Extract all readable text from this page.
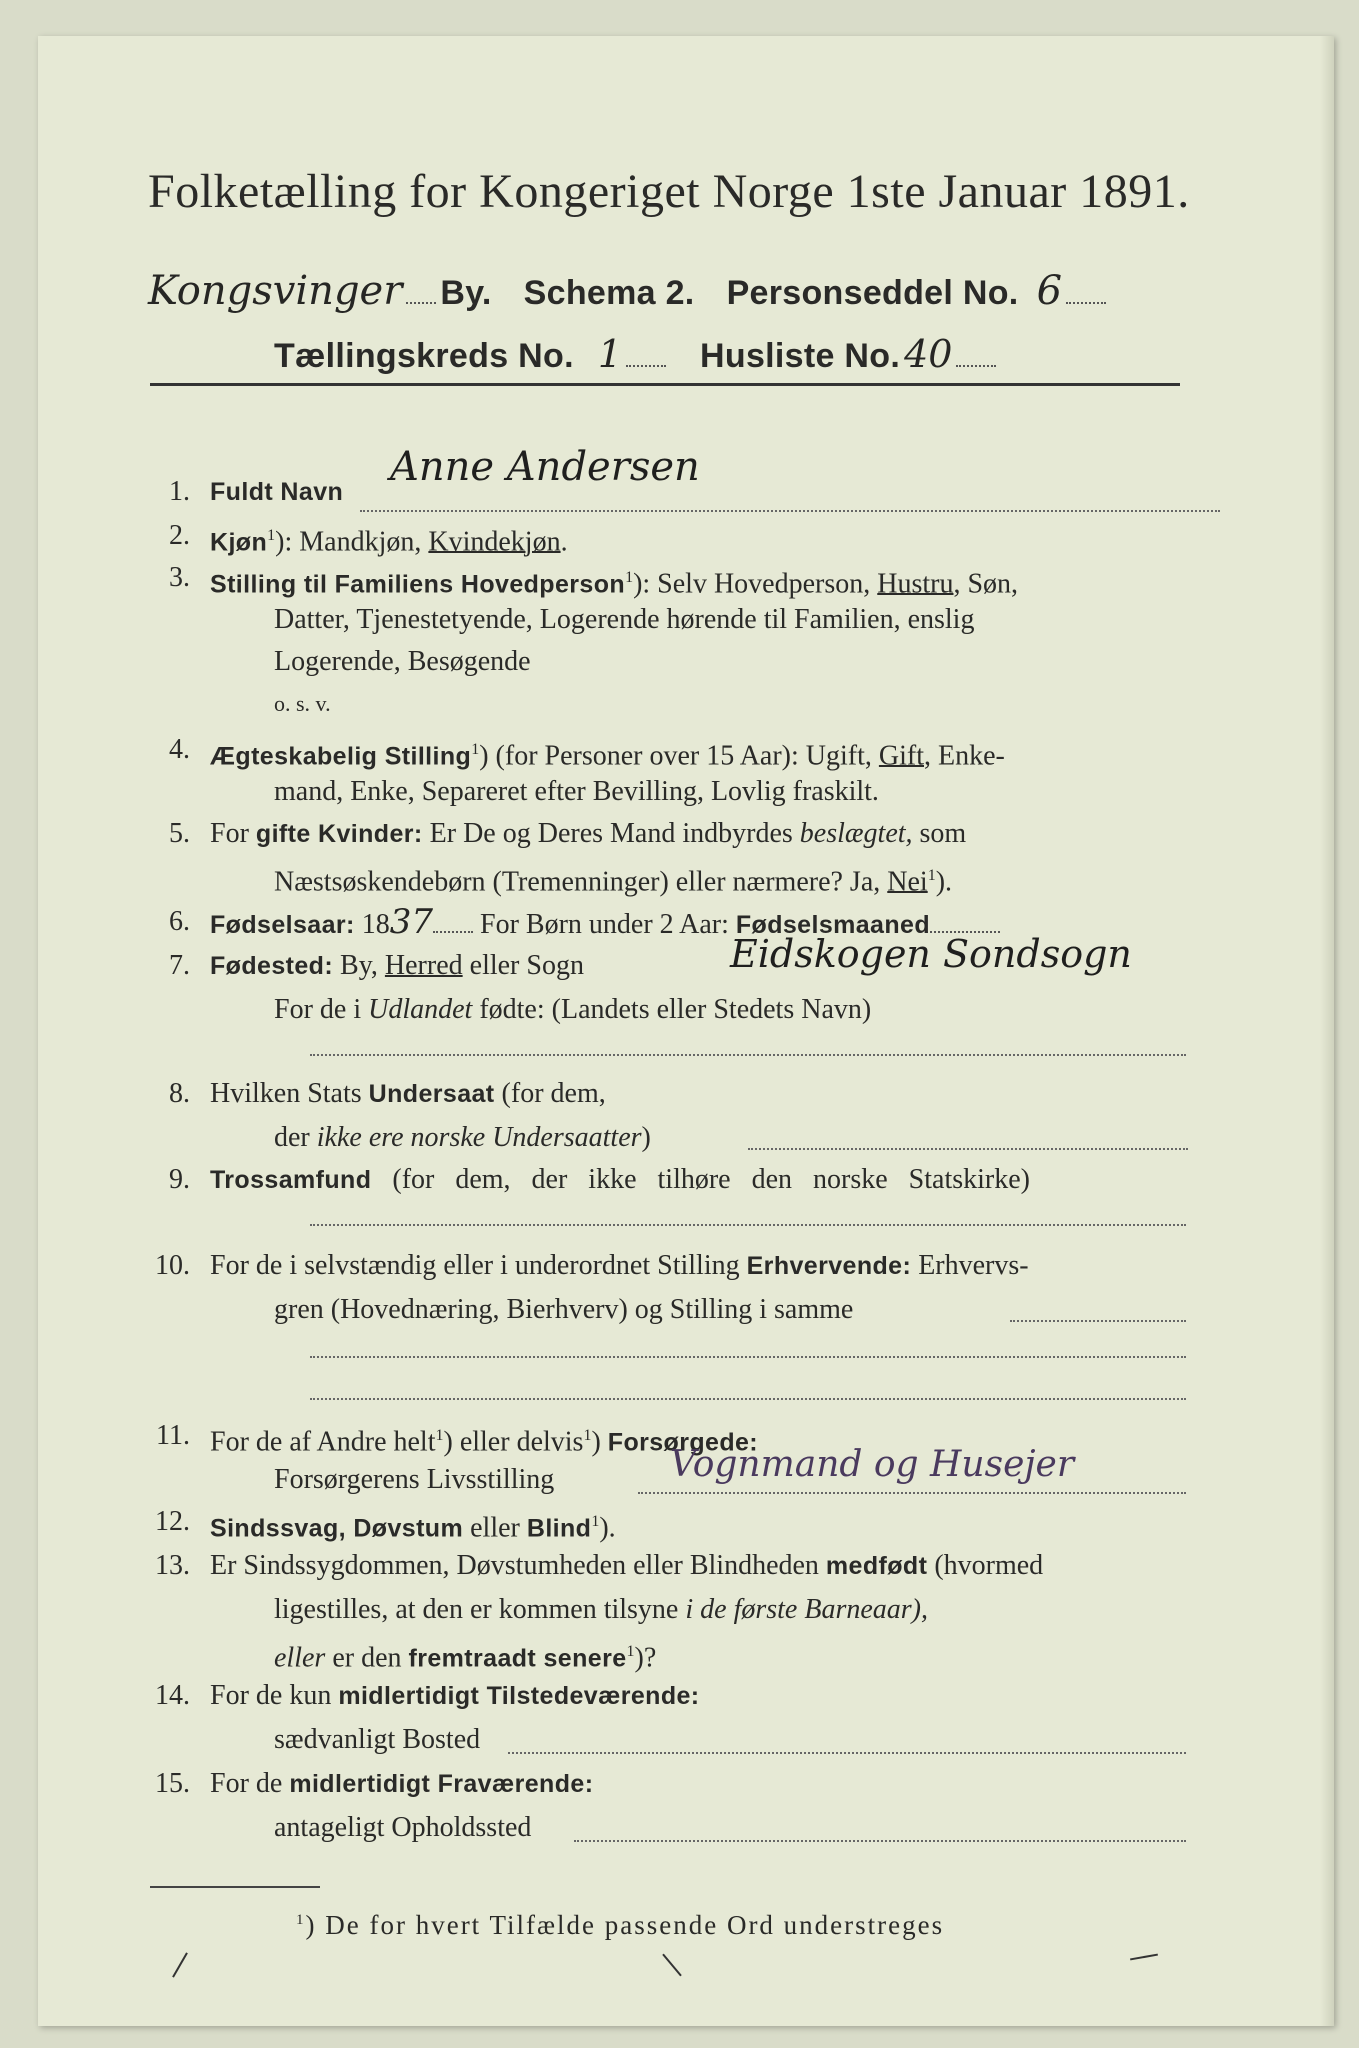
Folketælling for Kongeriget Norge 1ste Januar 1891.
Kongsvinger By. Schema 2. Personseddel No. 6
Tællingskreds No. 1 Husliste No. 40
1. Fuldt Navn
Anne Andersen
2. Kjøn$^1$): Mandkjøn, Kvindekjøn.
3. Stilling til Familiens Hovedperson$^1$): Selv Hovedperson, Hustru, Søn,
Datter, Tjenestetyende, Logerende hørende til Familien, enslig
Logerende, Besøgende
o. s. v.
4. Ægteskabelig Stilling$^1$) (for Personer over 15 Aar): Ugift, Gift, Enke-
mand, Enke, Separeret efter Bevilling, Lovlig fraskilt.
5. For gifte Kvinder: Er De og Deres Mand indbyrdes beslægtet, som
Næstsøskendebørn (Tremenninger) eller nærmere? Ja, Nei$^1$).
6. Fødselsaar: 1837 For Børn under 2 Aar: Fødselsmaaned
7. Fødested: By, Herred eller Sogn	Eidskogen Sondsogn
For de i Udlandet fødte: (Landets eller Stedets Navn)
8. Hvilken Stats Undersaat (for dem,
der ikke ere norske Undersaatter)
9. Trossamfund (for dem, der ikke tilhøre den norske Statskirke)
10. For de i selvstændig eller i underordnet Stilling Erhvervende: Erhvervs-
gren (Hovednæring, Bierhverv) og Stilling i samme
11. For de af Andre helt$^1$) eller delvis$^1$) Forsørgede:
Forsørgerens Livsstilling	Vognmand og Husejer
12. Sindssvag, Døvstum eller Blind$^1$).
13. Er Sindssygdommen, Døvstumheden eller Blindheden medfødt (hvormed
ligestilles, at den er kommen tilsyne i de første Barneaar),
eller er den fremtraadt senere$^1$)?
14. For de kun midlertidigt Tilstedeværende:
sædvanligt Bosted
15. For de midlertidigt Fraværende:
antageligt Opholdssted
$^1$) De for hvert Tilfælde passende Ord understreges
